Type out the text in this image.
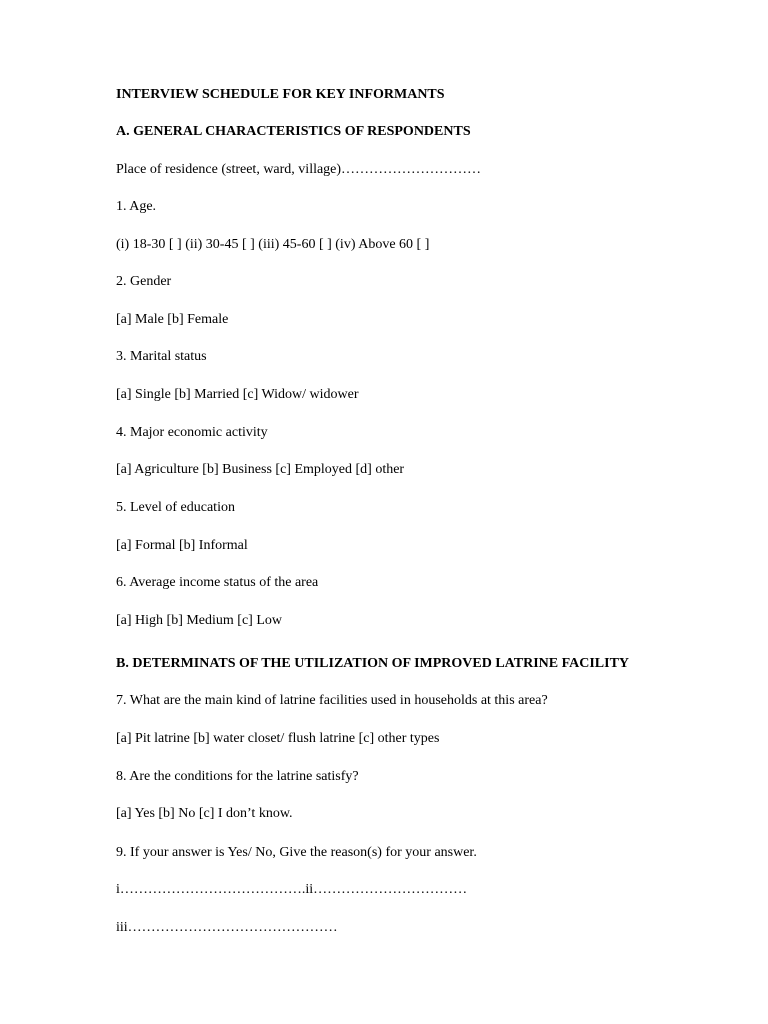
INTERVIEW SCHEDULE FOR KEY INFORMANTS
A. GENERAL CHARACTERISTICS OF RESPONDENTS
Place of residence (street, ward, village)…………………………
1. Age.
(i) 18-30 [ ] (ii) 30-45 [ ] (iii) 45-60 [ ] (iv) Above 60 [ ]
2. Gender
[a] Male [b] Female
3. Marital status
[a] Single [b] Married [c] Widow/ widower
4. Major economic activity
[a] Agriculture [b] Business [c] Employed [d] other
5. Level of education
[a] Formal [b] Informal
6. Average income status of the area
[a] High [b] Medium [c] Low
B. DETERMINATS OF THE UTILIZATION OF IMPROVED LATRINE FACILITY
7. What are the main kind of latrine facilities used in households at this area?
[a] Pit latrine [b] water closet/ flush latrine [c] other types
8. Are the conditions for the latrine satisfy?
[a] Yes [b] No [c] I don’t know.
9. If your answer is Yes/ No, Give the reason(s) for your answer.
i………………………………….ii……………………………
iii………………………………………
